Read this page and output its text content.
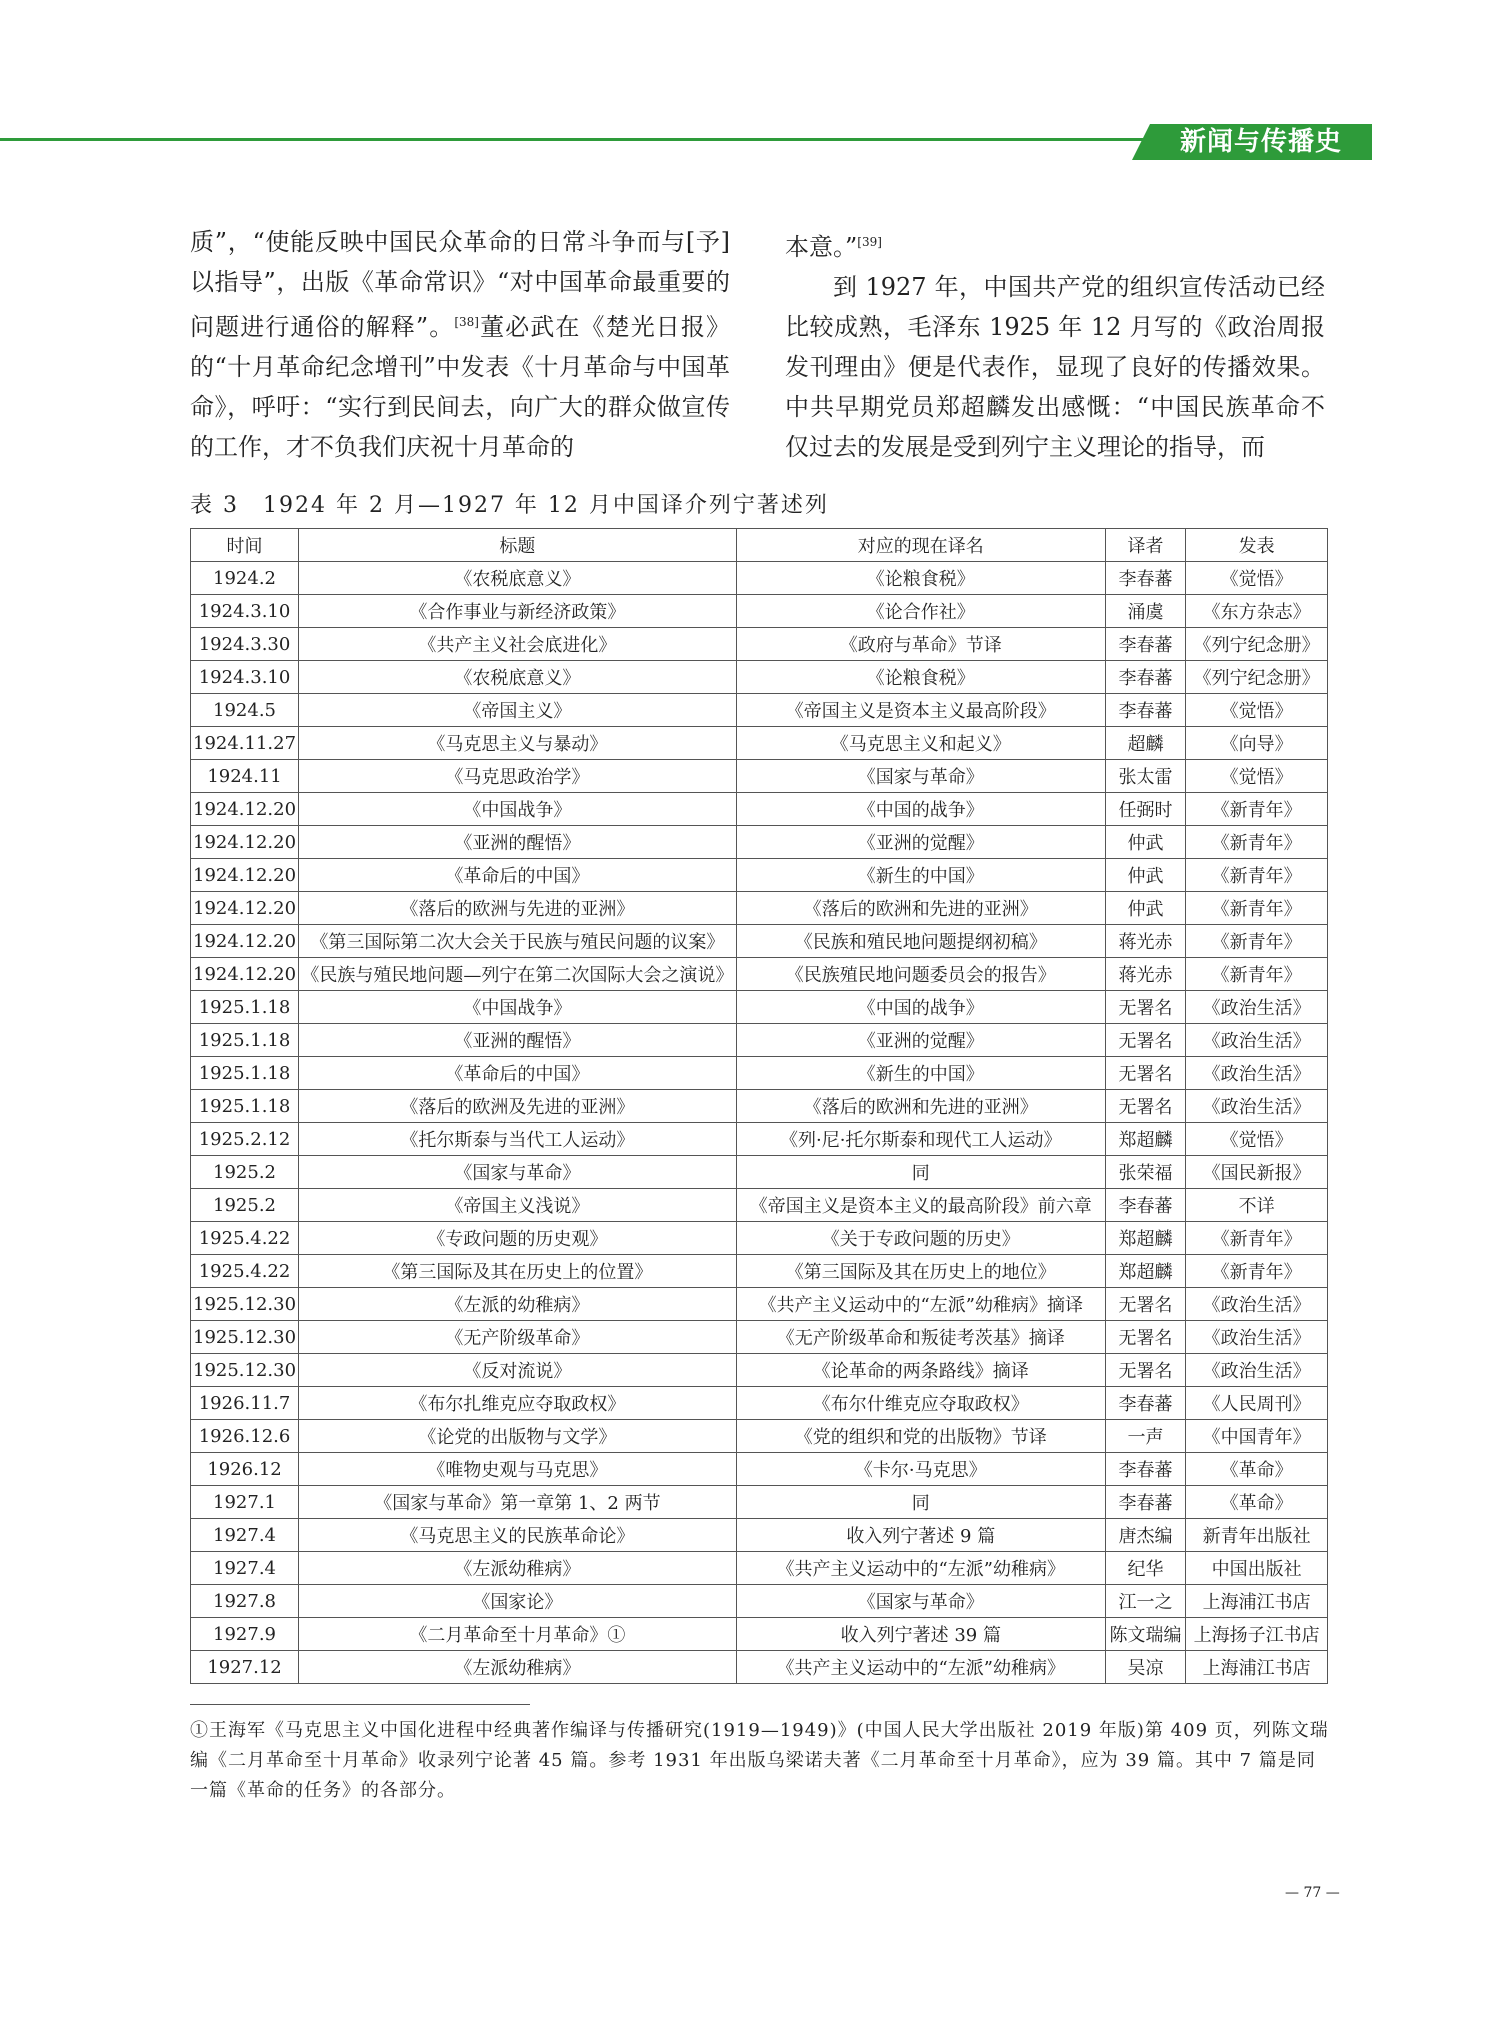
新闻与传播史

质”，“使能反映中国民众革命的日常斗争而与[予]以指导”，出版《革命常识》“对中国革命最重要的问题进行通俗的解释”。[38]董必武在《楚光日报》的“十月革命纪念增刊”中发表《十月革命与中国革命》，呼吁：“实行到民间去，向广大的群众做宣传的工作，才不负我们庆祝十月革命的

本意。”[39]

到 1927 年，中国共产党的组织宣传活动已经比较成熟，毛泽东 1925 年 12 月写的《政治周报发刊理由》便是代表作，显现了良好的传播效果。中共早期党员郑超麟发出感慨：“中国民族革命不仅过去的发展是受到列宁主义理论的指导，而

表 3　1924 年 2 月—1927 年 12 月中国译介列宁著述列
时间	标题	对应的现在译名	译者	发表
1924.2	《农税底意义》	《论粮食税》	李春蕃	《觉悟》
1924.3.10	《合作事业与新经济政策》	《论合作社》	涌虞	《东方杂志》
1924.3.30	《共产主义社会底进化》	《政府与革命》节译	李春蕃	《列宁纪念册》
1924.3.10	《农税底意义》	《论粮食税》	李春蕃	《列宁纪念册》
1924.5	《帝国主义》	《帝国主义是资本主义最高阶段》	李春蕃	《觉悟》
1924.11.27	《马克思主义与暴动》	《马克思主义和起义》	超麟	《向导》
1924.11	《马克思政治学》	《国家与革命》	张太雷	《觉悟》
1924.12.20	《中国战争》	《中国的战争》	任弼时	《新青年》
1924.12.20	《亚洲的醒悟》	《亚洲的觉醒》	仲武	《新青年》
1924.12.20	《革命后的中国》	《新生的中国》	仲武	《新青年》
1924.12.20	《落后的欧洲与先进的亚洲》	《落后的欧洲和先进的亚洲》	仲武	《新青年》
1924.12.20	《第三国际第二次大会关于民族与殖民问题的议案》	《民族和殖民地问题提纲初稿》	蒋光赤	《新青年》
1924.12.20	《民族与殖民地问题—列宁在第二次国际大会之演说》	《民族殖民地问题委员会的报告》	蒋光赤	《新青年》
1925.1.18	《中国战争》	《中国的战争》	无署名	《政治生活》
1925.1.18	《亚洲的醒悟》	《亚洲的觉醒》	无署名	《政治生活》
1925.1.18	《革命后的中国》	《新生的中国》	无署名	《政治生活》
1925.1.18	《落后的欧洲及先进的亚洲》	《落后的欧洲和先进的亚洲》	无署名	《政治生活》
1925.2.12	《托尔斯泰与当代工人运动》	《列·尼·托尔斯泰和现代工人运动》	郑超麟	《觉悟》
1925.2	《国家与革命》	同	张荣福	《国民新报》
1925.2	《帝国主义浅说》	《帝国主义是资本主义的最高阶段》前六章	李春蕃	不详
1925.4.22	《专政问题的历史观》	《关于专政问题的历史》	郑超麟	《新青年》
1925.4.22	《第三国际及其在历史上的位置》	《第三国际及其在历史上的地位》	郑超麟	《新青年》
1925.12.30	《左派的幼稚病》	《共产主义运动中的“左派”幼稚病》摘译	无署名	《政治生活》
1925.12.30	《无产阶级革命》	《无产阶级革命和叛徒考茨基》摘译	无署名	《政治生活》
1925.12.30	《反对流说》	《论革命的两条路线》摘译	无署名	《政治生活》
1926.11.7	《布尔扎维克应夺取政权》	《布尔什维克应夺取政权》	李春蕃	《人民周刊》
1926.12.6	《论党的出版物与文学》	《党的组织和党的出版物》节译	一声	《中国青年》
1926.12	《唯物史观与马克思》	《卡尔·马克思》	李春蕃	《革命》
1927.1	《国家与革命》第一章第 1、2 两节	同	李春蕃	《革命》
1927.4	《马克思主义的民族革命论》	收入列宁著述 9 篇	唐杰编	新青年出版社
1927.4	《左派幼稚病》	《共产主义运动中的“左派”幼稚病》	纪华	中国出版社
1927.8	《国家论》	《国家与革命》	江一之	上海浦江书店
1927.9	《二月革命至十月革命》①	收入列宁著述 39 篇	陈文瑞编	上海扬子江书店
1927.12	《左派幼稚病》	《共产主义运动中的“左派”幼稚病》	吴凉	上海浦江书店
①王海军《马克思主义中国化进程中经典著作编译与传播研究(1919—1949)》(中国人民大学出版社 2019 年版)第 409 页，列陈文瑞编《二月革命至十月革命》收录列宁论著 45 篇。参考 1931 年出版乌梁诺夫著《二月革命至十月革命》，应为 39 篇。其中 7 篇是同一篇《革命的任务》的各部分。
— 77 —
